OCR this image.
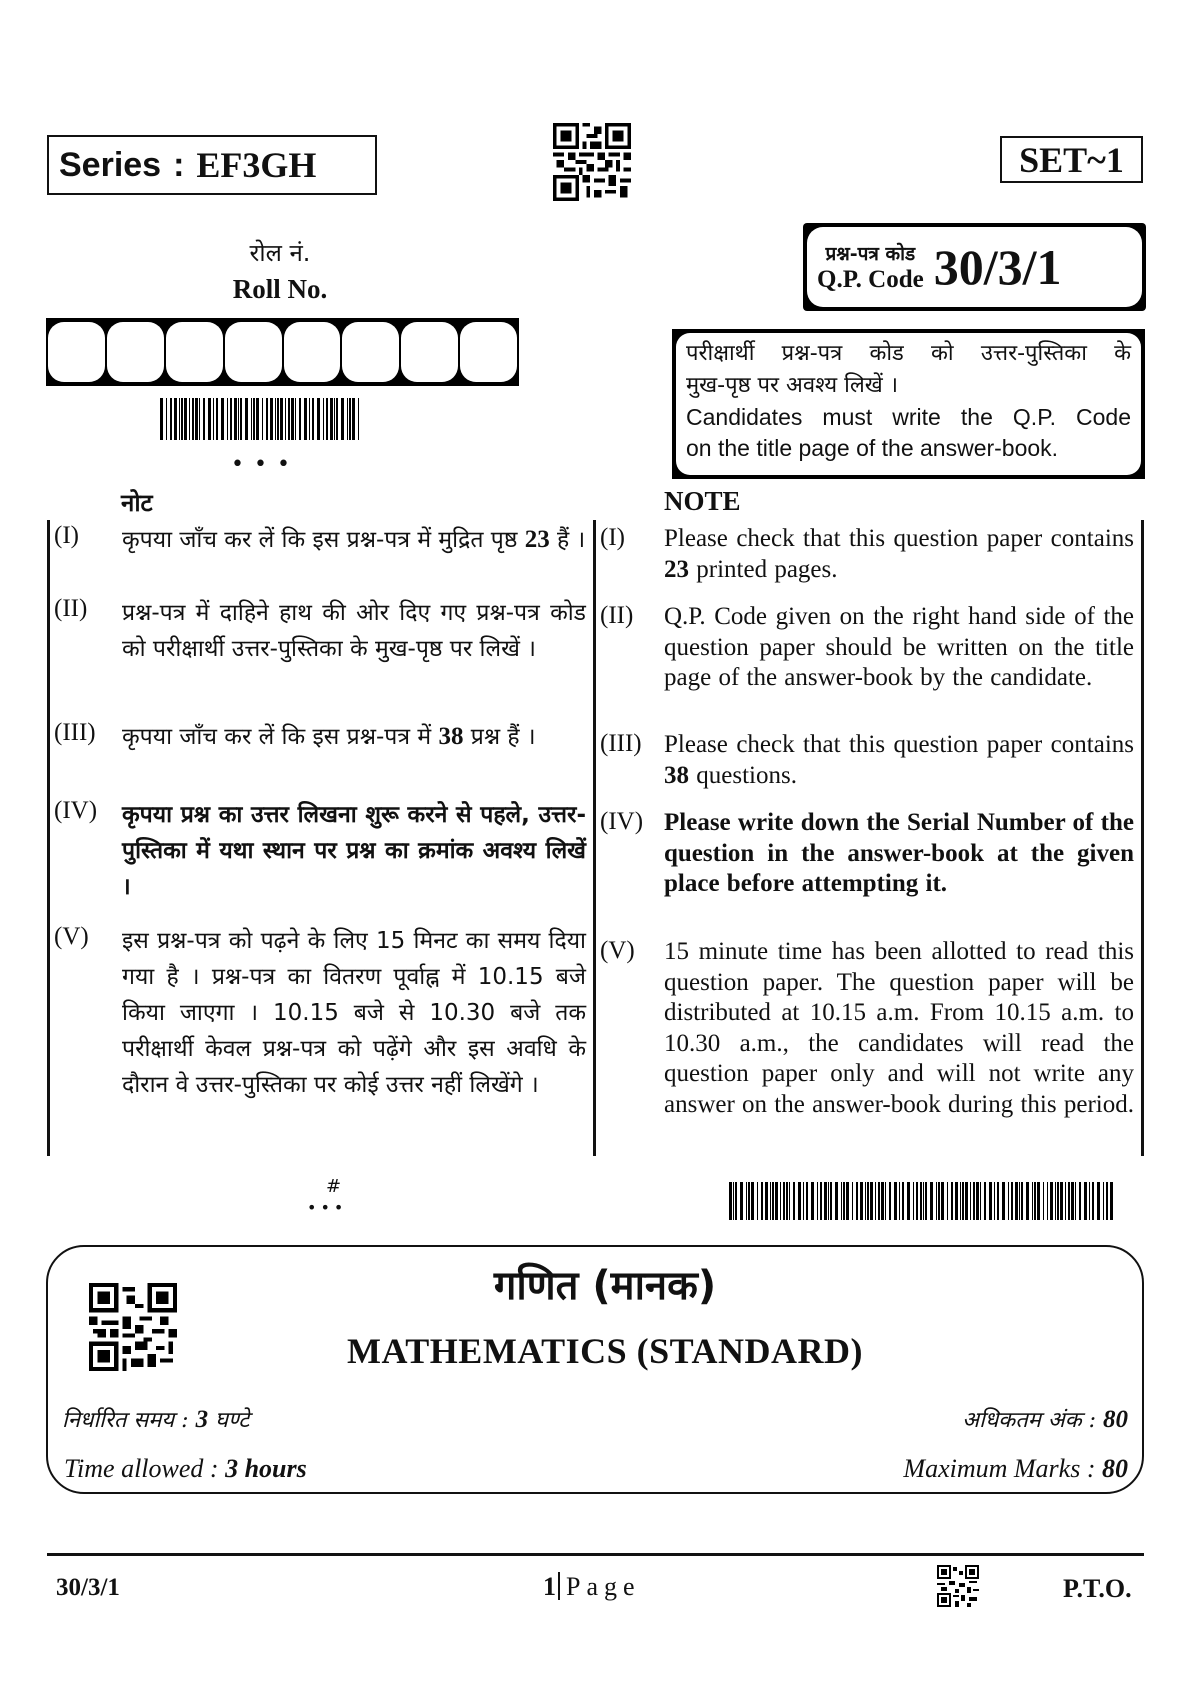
Series : EF3GH	SET~1
रोल नं.
Roll No.
•••
प्रश्न-पत्र कोड
Q.P. Code 30/3/1
परीक्षार्थी प्रश्न-पत्र कोड को उत्तर-पुस्तिका के
मुख-पृष्ठ पर अवश्य लिखें ।
Candidates must write the Q.P. Code
on the title page of the answer-book.
नोट	NOTE
(I)	कृपया जाँच कर लें कि इस प्रश्न-पत्र में मुद्रित पृष्ठ 23 हैं ।
(II)	प्रश्न-पत्र में दाहिने हाथ की ओर दिए गए प्रश्न-पत्र कोड को परीक्षार्थी उत्तर-पुस्तिका के मुख-पृष्ठ पर लिखें ।
(III)	कृपया जाँच कर लें कि इस प्रश्न-पत्र में 38 प्रश्न हैं ।
(IV)	कृपया प्रश्न का उत्तर लिखना शुरू करने से पहले, उत्तर-पुस्तिका में यथा स्थान पर प्रश्न का क्रमांक अवश्य लिखें ।
(V)	इस प्रश्न-पत्र को पढ़ने के लिए 15 मिनट का समय दिया गया है । प्रश्न-पत्र का वितरण पूर्वाह्न में 10.15 बजे किया जाएगा । 10.15 बजे से 10.30 बजे तक परीक्षार्थी केवल प्रश्न-पत्र को पढ़ेंगे और इस अवधि के दौरान वे उत्तर-पुस्तिका पर कोई उत्तर नहीं लिखेंगे ।
(I)	Please check that this question paper contains 23 printed pages.
(II)	Q.P. Code given on the right hand side of the question paper should be written on the title page of the answer-book by the candidate.
(III) Please check that this question paper contains 38 questions.
(IV) Please write down the Serial Number of the question in the answer-book at the given place before attempting it.
(V)	15 minute time has been allotted to read this question paper. The question paper will be distributed at 10.15 a.m. From 10.15 a.m. to 10.30 a.m., the candidates will read the question paper only and will not write any answer on the answer-book during this period.
#
•••
गणित (मानक)
MATHEMATICS (STANDARD)
निर्धारित समय : 3 घण्टे	अधिकतम अंक : 80
Time allowed : 3 hours	Maximum Marks : 80
30/3/1	1 Page	P.T.O.
